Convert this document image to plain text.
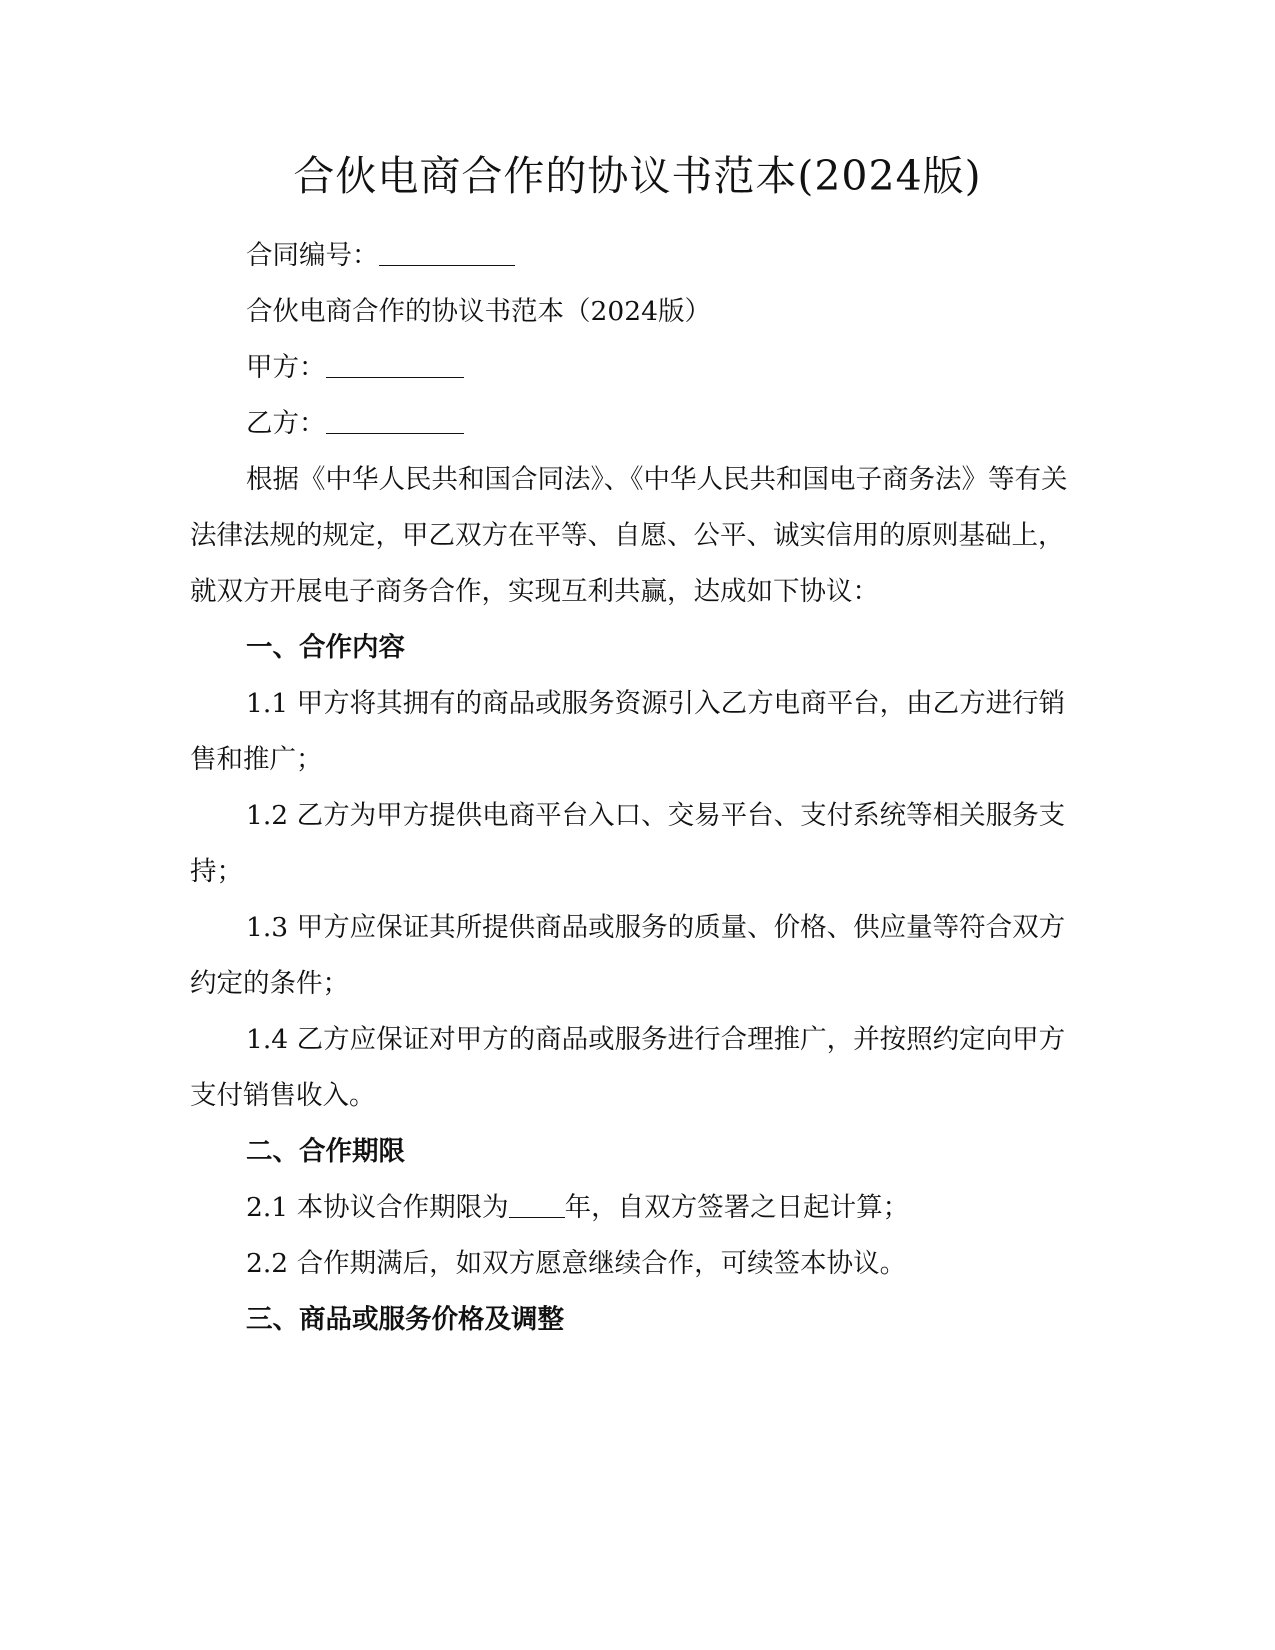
合伙电商合作的协议书范本(2024版)

合同编号：

合伙电商合作的协议书范本（2024版）

甲方：

乙方：

根据《中华人民共和国合同法》、《中华人民共和国电子商务法》等有关法律法规的规定，甲乙双方在平等、自愿、公平、诚实信用的原则基础上，就双方开展电子商务合作，实现互利共赢，达成如下协议：

一、合作内容

1.1 甲方将其拥有的商品或服务资源引入乙方电商平台，由乙方进行销售和推广；

1.2 乙方为甲方提供电商平台入口、交易平台、支付系统等相关服务支持；

1.3 甲方应保证其所提供商品或服务的质量、价格、供应量等符合双方约定的条件；

1.4 乙方应保证对甲方的商品或服务进行合理推广，并按照约定向甲方支付销售收入。

二、合作期限

2.1 本协议合作期限为 年，自双方签署之日起计算；

2.2 合作期满后，如双方愿意继续合作，可续签本协议。

三、商品或服务价格及调整
